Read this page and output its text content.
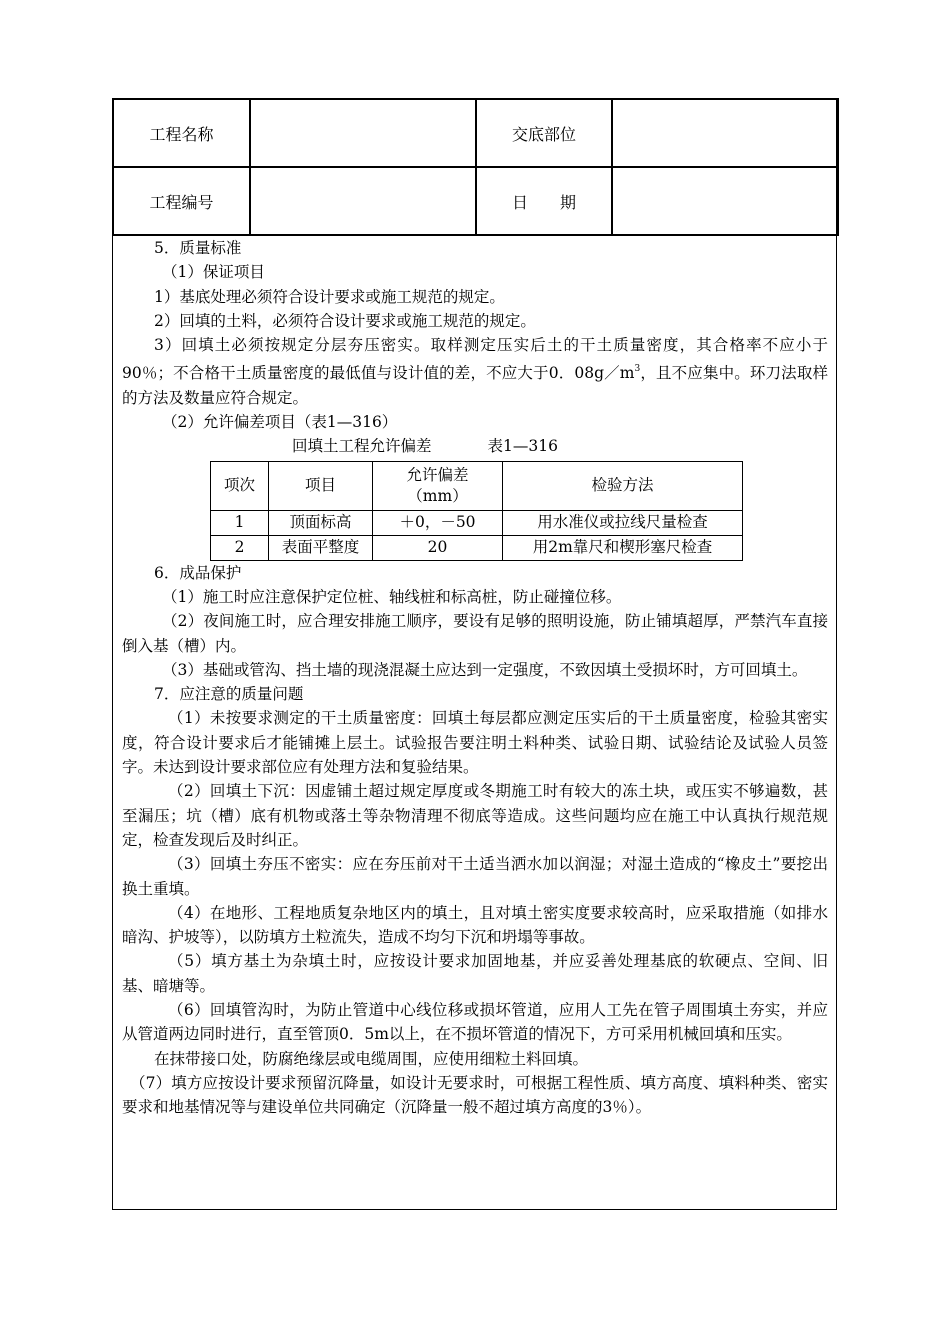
工程名称		交底部位	
工程编号		日　　期	

5．质量标准

（1）保证项目

1）基底处理必须符合设计要求或施工规范的规定。

2）回填的土料，必须符合设计要求或施工规范的规定。

3）回填土必须按规定分层夯压密实。取样测定压实后土的干土质量密度，其合格率不应小于90％；不合格干土质量密度的最低值与设计值的差，不应大于0．$08g/m^3$，且不应集中。环刀法取样的方法及数量应符合规定。

（2）允许偏差项目（表1—316）

回填土工程允许偏差	表1—316

项次	项目	允许偏差（mm）	检验方法
1	顶面标高	＋0，－50	用水准仪或拉线尺量检查
2	表面平整度	20	用2m靠尺和楔形塞尺检查

6．成品保护

（1）施工时应注意保护定位桩、轴线桩和标高桩，防止碰撞位移。

（2）夜间施工时，应合理安排施工顺序，要设有足够的照明设施，防止铺填超厚，严禁汽车直接倒入基（槽）内。

（3）基础或管沟、挡土墙的现浇混凝土应达到一定强度，不致因填土受损坏时，方可回填土。

7．应注意的质量问题

（1）未按要求测定的干土质量密度：回填土每层都应测定压实后的干土质量密度，检验其密实度，符合设计要求后才能铺摊上层土。试验报告要注明土料种类、试验日期、试验结论及试验人员签字。未达到设计要求部位应有处理方法和复验结果。

（2）回填土下沉：因虚铺土超过规定厚度或冬期施工时有较大的冻土块，或压实不够遍数，甚至漏压；坑（槽）底有机物或落土等杂物清理不彻底等造成。这些问题均应在施工中认真执行规范规定，检查发现后及时纠正。

（3）回填土夯压不密实：应在夯压前对干土适当洒水加以润湿；对湿土造成的“橡皮土”要挖出换土重填。

（4）在地形、工程地质复杂地区内的填土，且对填土密实度要求较高时，应采取措施（如排水暗沟、护坡等），以防填方土粒流失，造成不均匀下沉和坍塌等事故。

（5）填方基土为杂填土时，应按设计要求加固地基，并应妥善处理基底的软硬点、空间、旧基、暗塘等。

（6）回填管沟时，为防止管道中心线位移或损坏管道，应用人工先在管子周围填土夯实，并应从管道两边同时进行，直至管顶0．5m以上，在不损坏管道的情况下，方可采用机械回填和压实。

在抹带接口处，防腐绝缘层或电缆周围，应使用细粒土料回填。

（7）填方应按设计要求预留沉降量，如设计无要求时，可根据工程性质、填方高度、填料种类、密实要求和地基情况等与建设单位共同确定（沉降量一般不超过填方高度的3％）。
